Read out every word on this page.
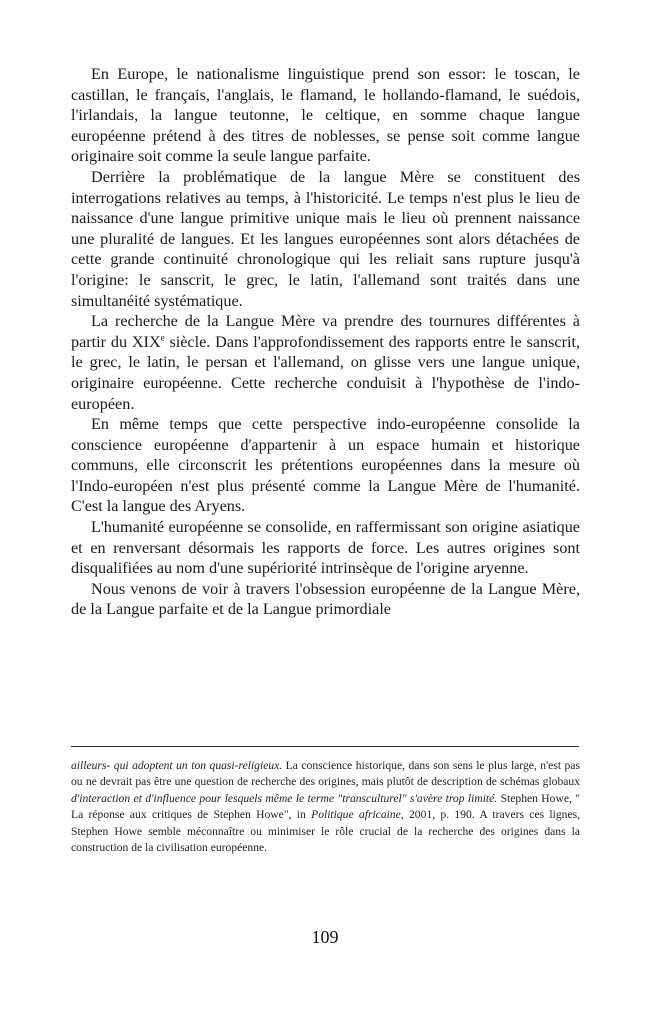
En Europe, le nationalisme linguistique prend son essor: le toscan, le castillan, le français, l'anglais, le flamand, le hollando-flamand, le suédois, l'irlandais, la langue teutonne, le celtique, en somme chaque langue européenne prétend à des titres de noblesses, se pense soit comme langue originaire soit comme la seule langue parfaite.

Derrière la problématique de la langue Mère se constituent des interrogations relatives au temps, à l'historicité. Le temps n'est plus le lieu de naissance d'une langue primitive unique mais le lieu où prennent naissance une pluralité de langues. Et les langues européennes sont alors détachées de cette grande continuité chronologique qui les reliait sans rupture jusqu'à l'origine: le sanscrit, le grec, le latin, l'allemand sont traités dans une simultanéité systématique.

La recherche de la Langue Mère va prendre des tournures différentes à partir du XIXe siècle. Dans l'approfondissement des rapports entre le sanscrit, le grec, le latin, le persan et l'allemand, on glisse vers une langue unique, originaire européenne. Cette recherche conduisit à l'hypothèse de l'indo-européen.

En même temps que cette perspective indo-européenne consolide la conscience européenne d'appartenir à un espace humain et historique communs, elle circonscrit les prétentions européennes dans la mesure où l'Indo-européen n'est plus présenté comme la Langue Mère de l'humanité. C'est la langue des Aryens.

L'humanité européenne se consolide, en raffermissant son origine asiatique et en renversant désormais les rapports de force. Les autres origines sont disqualifiées au nom d'une supériorité intrinsèque de l'origine aryenne.

Nous venons de voir à travers l'obsession européenne de la Langue Mère, de la Langue parfaite et de la Langue primordiale

ailleurs- qui adoptent un ton quasi-religieux. La conscience historique, dans son sens le plus large, n'est pas ou ne devrait pas être une question de recherche des origines, mais plutôt de description de schémas globaux d'interaction et d'influence pour lesquels même le terme "transculturel" s'avère trop limité. Stephen Howe, " La réponse aux critiques de Stephen Howe", in Politique africaine, 2001, p. 190. A travers ces lignes, Stephen Howe semble méconnaître ou minimiser le rôle crucial de la recherche des origines dans la construction de la civilisation européenne.

109
